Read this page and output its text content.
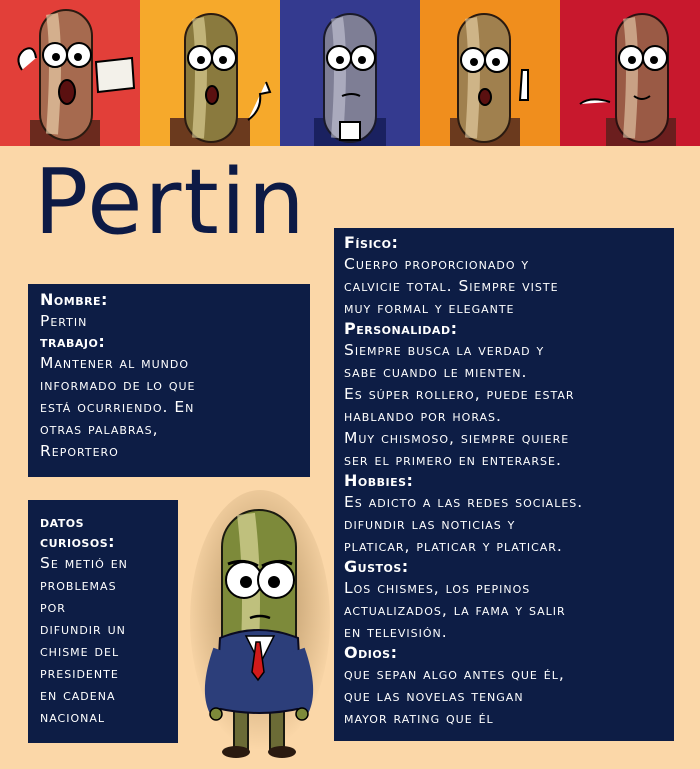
Pertin
Nombre:
Pertin
trabajo:
Mantener al mundo
informado de lo que
está ocurriendo. En
otras palabras,
Reportero
datos
curiosos:
Se metió en
problemas
por
difundir un
chisme del
presidente
en cadena
nacional
Físico:
Cuerpo proporcionado y
calvicie total. Siempre viste
muy formal y elegante
Personalidad:
Siempre busca la verdad y
sabe cuando le mienten.
Es súper rollero, puede estar
hablando por horas.
Muy chismoso, siempre quiere
ser el primero en enterarse.
Hobbies:
Es adicto a las redes sociales.
difundir las noticias y
platicar, platicar y platicar.
Gustos:
Los chismes, los pepinos
actualizados, la fama y salir
en televisión.
Odios:
que sepan algo antes que él,
que las novelas tengan
mayor rating que él
